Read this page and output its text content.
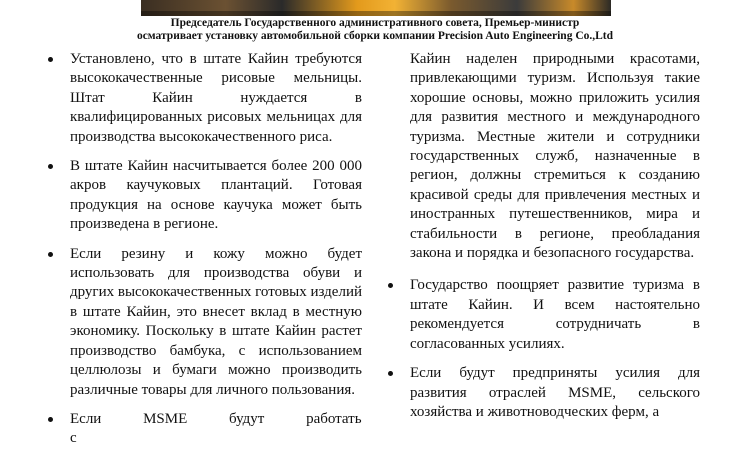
Председатель Государственного административного совета, Премьер-министр

осматривает установку автомобильной сборки компании Precision Auto Engineering Co.,Ltd

Установлено, что в штате Кайин требуются высококачественные рисовые мельницы. Штат Кайин нуждается в квалифицированных рисовых мельницах для производства высококачественного риса.
В штате Кайин насчитывается более 200 000 акров каучуковых плантаций. Готовая продукция на основе каучука может быть произведена в регионе.
Если резину и кожу можно будет использовать для производства обуви и других высококачественных готовых изделий в штате Кайин, это внесет вклад в местную экономику. Поскольку в штате Кайин растет производство бамбука, с использованием целлюлозы и бумаги можно производить различные товары для личного пользования.
Если MSME будут работать с
Кайин наделен природными красотами, привлекающими туризм. Используя такие хорошие основы, можно приложить усилия для развития местного и международного туризма. Местные жители и сотрудники государственных служб, назначенные в регион, должны стремиться к созданию красивой среды для привлечения местных и иностранных путешественников, мира и стабильности в регионе, преобладания закона и порядка и безопасного государства.
Государство поощряет развитие туризма в штате Кайин. И всем настоятельно рекомендуется сотрудничать в согласованных усилиях.
Если будут предприняты усилия для развития отраслей MSME, сельского хозяйства и животноводческих ферм, а
